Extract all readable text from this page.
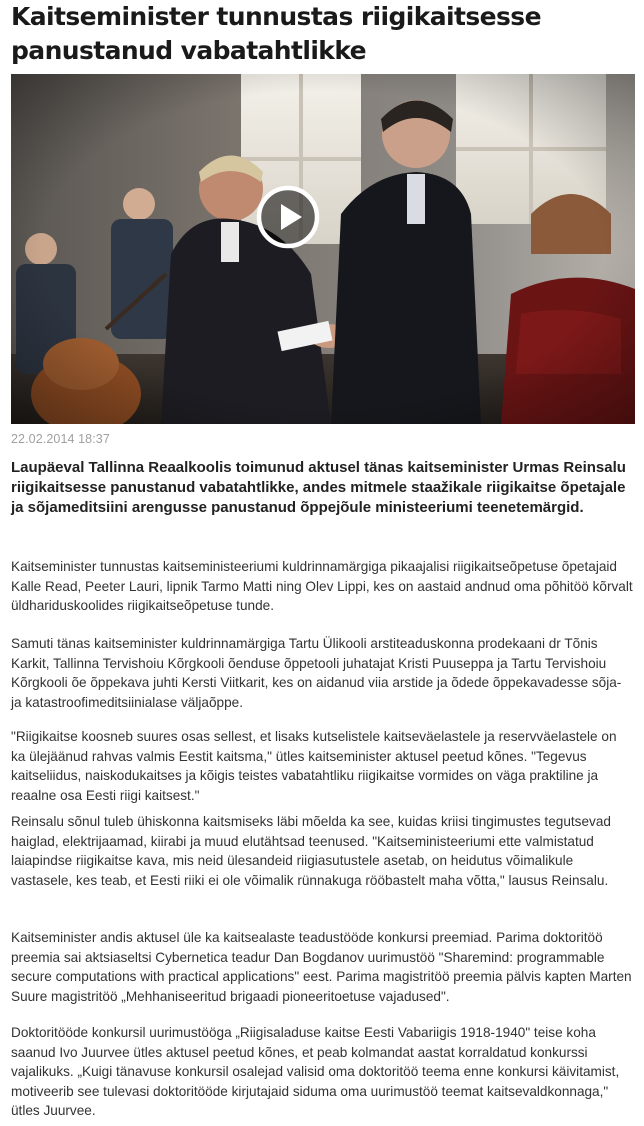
Kaitseminister tunnustas riigikaitsesse panustanud vabatahtlikke
22.02.2014 18:37

Laupäeval Tallinna Reaalkoolis toimunud aktusel tänas kaitseminister Urmas Reinsalu riigikaitsesse panustanud vabatahtlikke, andes mitmele staažikale riigikaitse õpetajale ja sõjameditsiini arengusse panustanud õppejõule ministeeriumi teenetemärgid.

Kaitseminister tunnustas kaitseministeeriumi kuldrinnamärgiga pikaajalisi riigikaitseõpetuse õpetajaid Kalle Read, Peeter Lauri, lipnik Tarmo Matti ning Olev Lippi, kes on aastaid andnud oma põhitöö kõrvalt üldhariduskoolides riigikaitseõpetuse tunde.

Samuti tänas kaitseminister kuldrinnamärgiga Tartu Ülikooli arstiteaduskonna prodekaani dr Tõnis Karkit, Tallinna Tervishoiu Kõrgkooli õenduse õppetooli juhatajat Kristi Puuseppa ja Tartu Tervishoiu Kõrgkooli õe õppekava juhti Kersti Viitkarit, kes on aidanud viia arstide ja õdede õppekavadesse sõja- ja katastroofimeditsiinialase väljaõppe.

"Riigikaitse koosneb suures osas sellest, et lisaks kutselistele kaitseväelastele ja reservväelastele on ka ülejäänud rahvas valmis Eestit kaitsma," ütles kaitseminister aktusel peetud kõnes. "Tegevus kaitseliidus, naiskodukaitses ja kõigis teistes vabatahtliku riigikaitse vormides on väga praktiline ja reaalne osa Eesti riigi kaitsest."

Reinsalu sõnul tuleb ühiskonna kaitsmiseks läbi mõelda ka see, kuidas kriisi tingimustes tegutsevad haiglad, elektrijaamad, kiirabi ja muud elutähtsad teenused. "Kaitseministeeriumi ette valmistatud laiapindse riigikaitse kava, mis neid ülesandeid riigiasutustele asetab, on heidutus võimalikule vastasele, kes teab, et Eesti riiki ei ole võimalik rünnakuga rööbastelt maha võtta," lausus Reinsalu.

Kaitseminister andis aktusel üle ka kaitsealaste teadustööde konkursi preemiad. Parima doktoritöö preemia sai aktsiaseltsi Cybernetica teadur Dan Bogdanov uurimustöö "Sharemind: programmable secure computations with practical applications" eest. Parima magistritöö preemia pälvis kapten Marten Suure magistritöö „Mehhaniseeritud brigaadi pioneeritoetuse vajadused".

Doktoritööde konkursil uurimustööga „Riigisaladuse kaitse Eesti Vabariigis 1918-1940" teise koha saanud Ivo Juurvee ütles aktusel peetud kõnes, et peab kolmandat aastat korraldatud konkurssi vajalikuks. „Kuigi tänavuse konkursil osalejad valisid oma doktoritöö teema enne konkursi käivitamist, motiveerib see tulevasi doktoritööde kirjutajaid siduma oma uurimustöö teemat kaitsevaldkonnaga," ütles Juurvee.
